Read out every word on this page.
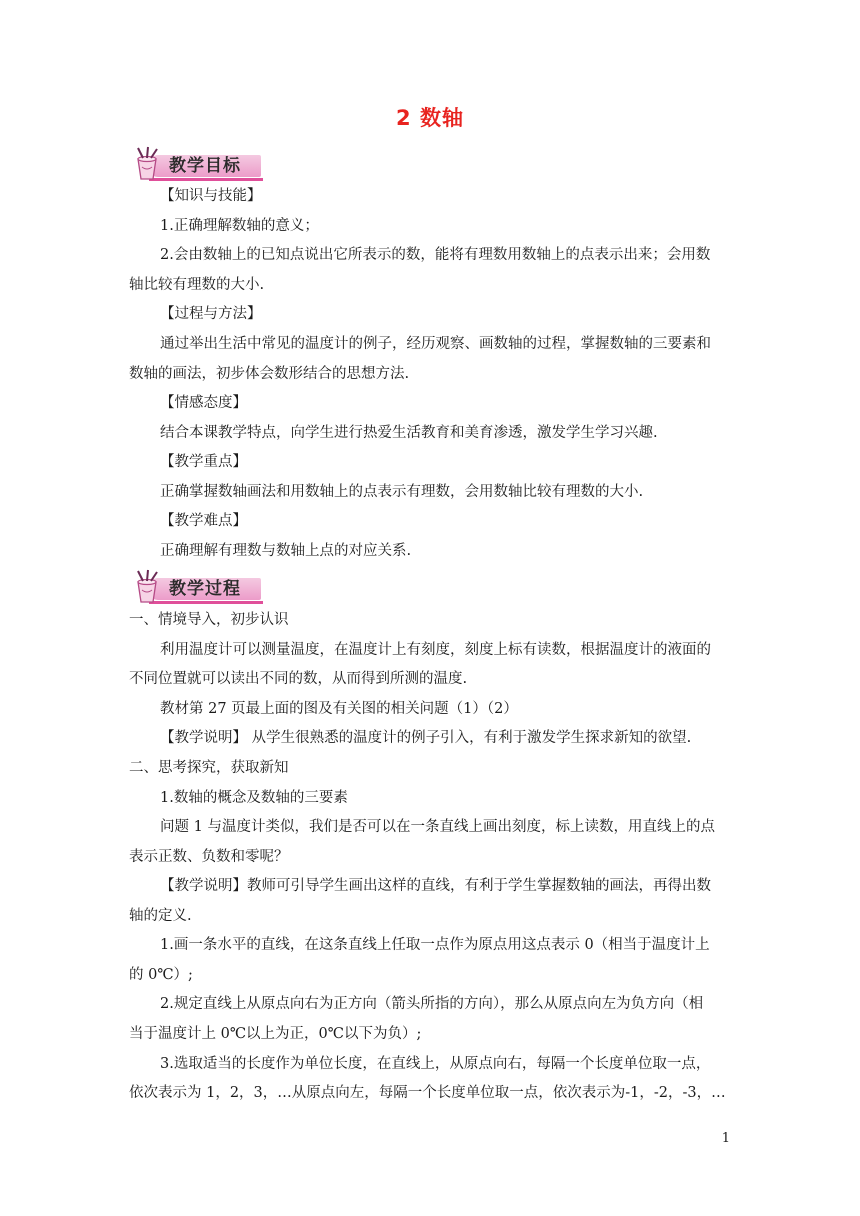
2 数轴
教学目标
【知识与技能】
1.正确理解数轴的意义；
2.会由数轴上的已知点说出它所表示的数，能将有理数用数轴上的点表示出来；会用数
轴比较有理数的大小.
【过程与方法】
通过举出生活中常见的温度计的例子，经历观察、画数轴的过程，掌握数轴的三要素和
数轴的画法，初步体会数形结合的思想方法.
【情感态度】
结合本课教学特点，向学生进行热爱生活教育和美育渗透，激发学生学习兴趣.
【教学重点】
正确掌握数轴画法和用数轴上的点表示有理数，会用数轴比较有理数的大小.
【教学难点】
正确理解有理数与数轴上点的对应关系.
教学过程
一、情境导入，初步认识
利用温度计可以测量温度，在温度计上有刻度，刻度上标有读数，根据温度计的液面的
不同位置就可以读出不同的数，从而得到所测的温度.
教材第 27 页最上面的图及有关图的相关问题（1）（2）
【教学说明】 从学生很熟悉的温度计的例子引入，有利于激发学生探求新知的欲望.
二、思考探究，获取新知
1.数轴的概念及数轴的三要素
问题 1 与温度计类似，我们是否可以在一条直线上画出刻度，标上读数，用直线上的点
表示正数、负数和零呢？
【教学说明】教师可引导学生画出这样的直线，有利于学生掌握数轴的画法，再得出数
轴的定义.
1.画一条水平的直线，在这条直线上任取一点作为原点用这点表示 0（相当于温度计上
的 0℃）;
2.规定直线上从原点向右为正方向（箭头所指的方向），那么从原点向左为负方向（相
当于温度计上 0℃以上为正，0℃以下为负）;
3.选取适当的长度作为单位长度，在直线上，从原点向右，每隔一个长度单位取一点，
依次表示为 1，2，3，…从原点向左，每隔一个长度单位取一点，依次表示为-1，-2，-3，…
1
